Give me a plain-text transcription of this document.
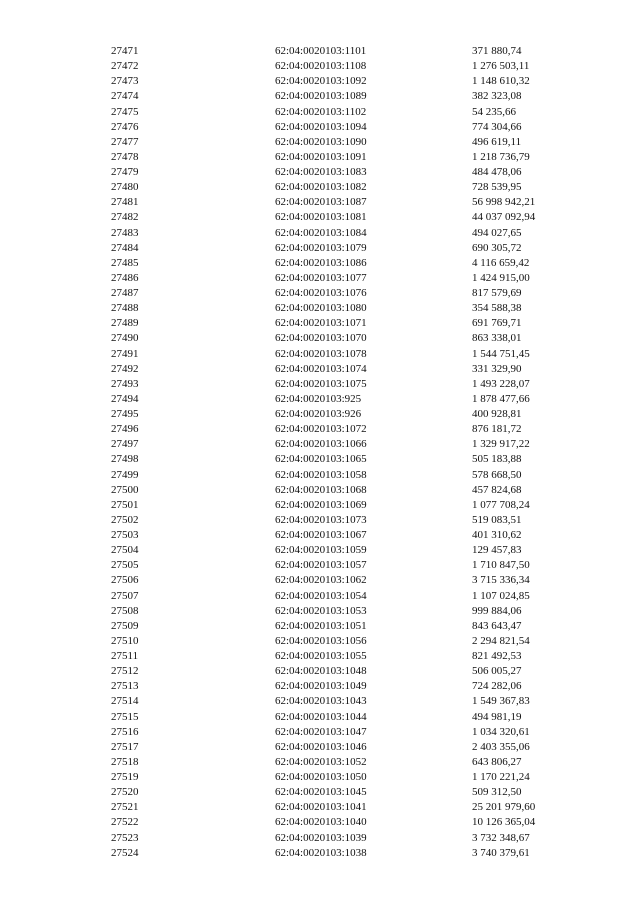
27471	62:04:0020103:1101	371 880,74
27472	62:04:0020103:1108	1 276 503,11
27473	62:04:0020103:1092	1 148 610,32
27474	62:04:0020103:1089	382 323,08
27475	62:04:0020103:1102	54 235,66
27476	62:04:0020103:1094	774 304,66
27477	62:04:0020103:1090	496 619,11
27478	62:04:0020103:1091	1 218 736,79
27479	62:04:0020103:1083	484 478,06
27480	62:04:0020103:1082	728 539,95
27481	62:04:0020103:1087	56 998 942,21
27482	62:04:0020103:1081	44 037 092,94
27483	62:04:0020103:1084	494 027,65
27484	62:04:0020103:1079	690 305,72
27485	62:04:0020103:1086	4 116 659,42
27486	62:04:0020103:1077	1 424 915,00
27487	62:04:0020103:1076	817 579,69
27488	62:04:0020103:1080	354 588,38
27489	62:04:0020103:1071	691 769,71
27490	62:04:0020103:1070	863 338,01
27491	62:04:0020103:1078	1 544 751,45
27492	62:04:0020103:1074	331 329,90
27493	62:04:0020103:1075	1 493 228,07
27494	62:04:0020103:925	1 878 477,66
27495	62:04:0020103:926	400 928,81
27496	62:04:0020103:1072	876 181,72
27497	62:04:0020103:1066	1 329 917,22
27498	62:04:0020103:1065	505 183,88
27499	62:04:0020103:1058	578 668,50
27500	62:04:0020103:1068	457 824,68
27501	62:04:0020103:1069	1 077 708,24
27502	62:04:0020103:1073	519 083,51
27503	62:04:0020103:1067	401 310,62
27504	62:04:0020103:1059	129 457,83
27505	62:04:0020103:1057	1 710 847,50
27506	62:04:0020103:1062	3 715 336,34
27507	62:04:0020103:1054	1 107 024,85
27508	62:04:0020103:1053	999 884,06
27509	62:04:0020103:1051	843 643,47
27510	62:04:0020103:1056	2 294 821,54
27511	62:04:0020103:1055	821 492,53
27512	62:04:0020103:1048	506 005,27
27513	62:04:0020103:1049	724 282,06
27514	62:04:0020103:1043	1 549 367,83
27515	62:04:0020103:1044	494 981,19
27516	62:04:0020103:1047	1 034 320,61
27517	62:04:0020103:1046	2 403 355,06
27518	62:04:0020103:1052	643 806,27
27519	62:04:0020103:1050	1 170 221,24
27520	62:04:0020103:1045	509 312,50
27521	62:04:0020103:1041	25 201 979,60
27522	62:04:0020103:1040	10 126 365,04
27523	62:04:0020103:1039	3 732 348,67
27524	62:04:0020103:1038	3 740 379,61
